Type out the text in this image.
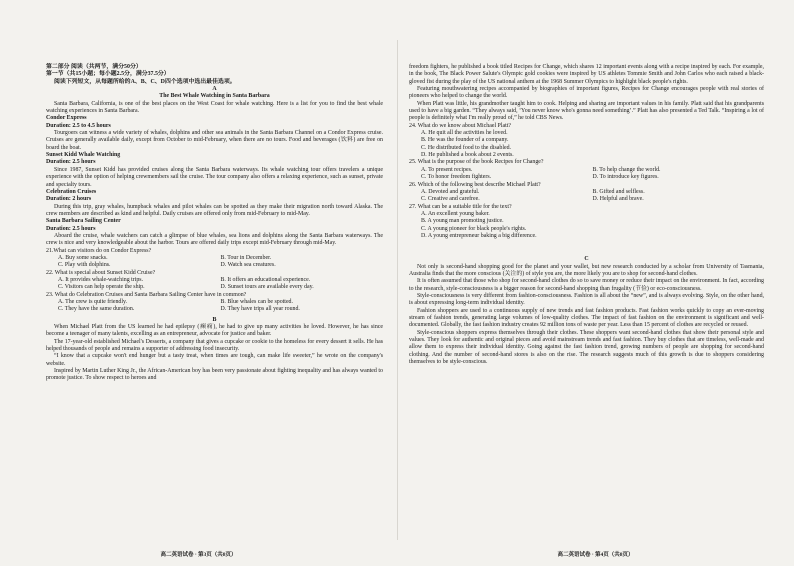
第二部分 阅读（共两节，满分50分）

第一节（共15小题；每小题2.5分，满分37.5分）

阅读下列短文，从每题所给的A、B、C、D四个选项中选出最佳选项。

A

The Best Whale Watching in Santa Barbara

Santa Barbara, California, is one of the best places on the West Coast for whale watching. Here is a list for you to find the best whale watching experiences in Santa Barbara.

Condor Express

Duration: 2.5 to 4.5 hours

Tourgoers can witness a wide variety of whales, dolphins and other sea animals in the Santa Barbara Channel on a Condor Express cruise. Cruises are generally available daily, except from October to mid-February, when there are no tours. Food and beverages (饮料) are free on board the boat.

Sunset Kidd Whale Watching

Duration: 2.5 hours

Since 1987, Sunset Kidd has provided cruises along the Santa Barbara waterways. Its whale watching tour offers travelers a unique experience with the option of helping crewmembers sail the cruise. The tour company also offers a relaxing experience, such as sunset, private and specialty tours.

Celebration Cruises

Duration: 2 hours

During this trip, gray whales, humpback whales and pilot whales can be spotted as they make their migration north toward Alaska. The crew members are described as kind and helpful. Daily cruises are offered only from mid-February to mid-May.

Santa Barbara Sailing Center

Duration: 2.5 hours

Aboard the cruise, whale watchers can catch a glimpse of blue whales, sea lions and dolphins along the Santa Barbara waterways. The crew is nice and very knowledgeable about the harbor. Tours are offered daily trips except mid-February through mid-May.

21.What can visitors do on Condor Express?

A. Buy some snacks.	B. Tour in December.

C. Play with dolphins.	D. Watch sea creatures.

22. What is special about Sunset Kidd Cruise?

A. It provides whale-watching trips.	B. It offers an educational experience.

C. Visitors can help operate the ship.	D. Sunset tours are available every day.

23. What do Celebration Cruises and Santa Barbara Sailing Center have in common?

A. The crew is quite friendly.	B. Blue whales can be spotted.

C. They have the same duration.	D. They have trips all year round.

B

When Michael Platt from the US learned he had epilepsy (癫痫), he had to give up many activities he loved. However, he has since become a teenager of many talents, excelling as an entrepreneur, advocate for justice and baker.

The 17-year-old established Michael's Desserts, a company that gives a cupcake or cookie to the homeless for every dessert it sells. He has helped thousands of people and remains a supporter of addressing food insecurity.

“I know that a cupcake won't end hunger but a tasty treat, when times are tough, can make life sweeter,” he wrote on the company's website.

Inspired by Martin Luther King Jr., the African-American boy has been very passionate about fighting inequality and has always wanted to promote justice. To show respect to heroes and

高二英语试卷 · 第3页（共8页）

freedom fighters, he published a book titled Recipes for Change, which shares 12 important events along with a recipe inspired by each. For example, in the book, The Black Power Salute's Olympic gold cookies were inspired by US athletes Tommie Smith and John Carlos who each raised a black-gloved fist during the play of the US national anthem at the 1968 Summer Olympics to highlight black people's rights.

Featuring mouthwatering recipes accompanied by biographies of important figures, Recipes for Change encourages people with real stories of pioneers who helped to change the world.

When Platt was little, his grandmother taught him to cook. Helping and sharing are important values in his family. Platt said that his grandparents used to have a big garden. “They always said, ‘You never know who's gonna need something’.” Platt has also presented a Ted Talk. “Inspiring a lot of people is definitely what I'm really proud of,” he told CBS News.

24. What do we know about Michael Platt?

A. He quit all the activities he loved.

B. He was the founder of a company.

C. He distributed food to the disabled.

D. He published a book about 2 events.

25. What is the purpose of the book Recipes for Change?

A. To present recipes.	B. To help change the world.

C. To honor freedom fighters.	D. To introduce key figures.

26. Which of the following best describe Michael Platt?

A. Devoted and grateful.	B. Gifted and selfless.

C. Creative and carefree.	D. Helpful and brave.

27. What can be a suitable title for the text?

A. An excellent young baker.

B. A young man promoting justice.

C. A young pioneer for black people's rights.

D. A young entrepreneur baking a big difference.

C

Not only is second-hand shopping good for the planet and your wallet, but new research conducted by a scholar from University of Tasmania, Australia finds that the more conscious (关注的) of style you are, the more likely you are to shop for second-hand clothes.

It is often assumed that those who shop for second-hand clothes do so to save money or reduce their impact on the environment. In fact, according to the research, style-consciousness is a bigger reason for second-hand shopping than frugality (节俭) or eco-consciousness.

Style-consciousness is very different from fashion-consciousness. Fashion is all about the “new”, and is always evolving. Style, on the other hand, is about expressing long-term individual identity.

Fashion shoppers are used to a continuous supply of new trends and fast fashion products. Fast fashion works quickly to copy an ever-moving stream of fashion trends, generating large volumes of low-quality clothes. The impact of fast fashion on the environment is significant and well-documented. Globally, the fast fashion industry creates 92 million tons of waste per year. Less than 15 percent of clothes are recycled or reused.

Style-conscious shoppers express themselves through their clothes. These shoppers want second-hand clothes that show their personal style and values. They look for authentic and original pieces and avoid mainstream trends and fast fashion. They buy clothes that are timeless, well-made and allow them to express their individual identity. Going against the fast fashion trend, growing numbers of people are shopping for second-hand clothing. And the number of second-hand stores is also on the rise. The research suggests much of this growth is due to shoppers considering themselves to be style-conscious.

高二英语试卷 · 第4页（共8页）
